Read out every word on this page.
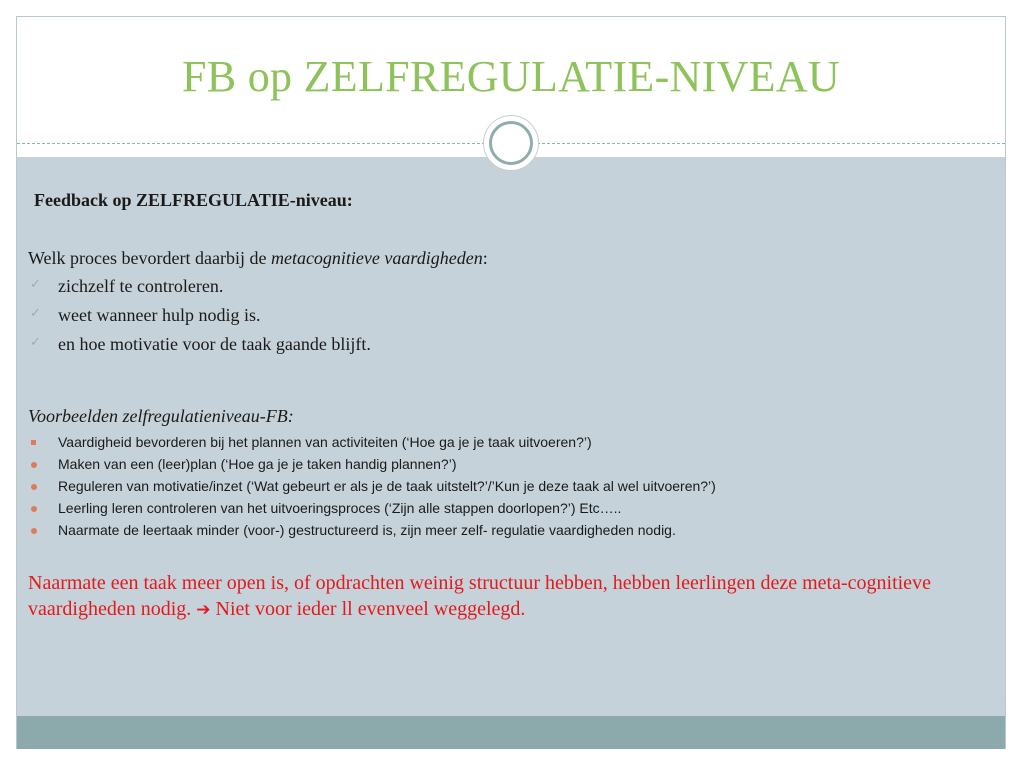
FB op ZELFREGULATIE-NIVEAU

Feedback op ZELFREGULATIE-niveau:

Welk proces bevordert daarbij de metacognitieve vaardigheden:

✓ zichzelf te controleren.
✓ weet wanneer hulp nodig is.
✓ en hoe motivatie voor de taak gaande blijft.

Voorbeelden zelfregulatieniveau-FB:

Vaardigheid bevorderen bij het plannen van activiteiten (‘Hoe ga je je taak uitvoeren?’)
Maken van een (leer)plan (‘Hoe ga je je taken handig plannen?’)
Reguleren van motivatie/inzet (‘Wat gebeurt er als je de taak uitstelt?’/’Kun je deze taak al wel uitvoeren?’)
Leerling leren controleren van het uitvoeringsproces (‘Zijn alle stappen doorlopen?’) Etc…..
Naarmate de leertaak minder (voor-) gestructureerd is, zijn meer zelf- regulatie vaardigheden nodig.

Naarmate een taak meer open is, of opdrachten weinig structuur hebben, hebben leerlingen deze meta-cognitieve vaardigheden nodig. ➔ Niet voor ieder ll evenveel weggelegd.
